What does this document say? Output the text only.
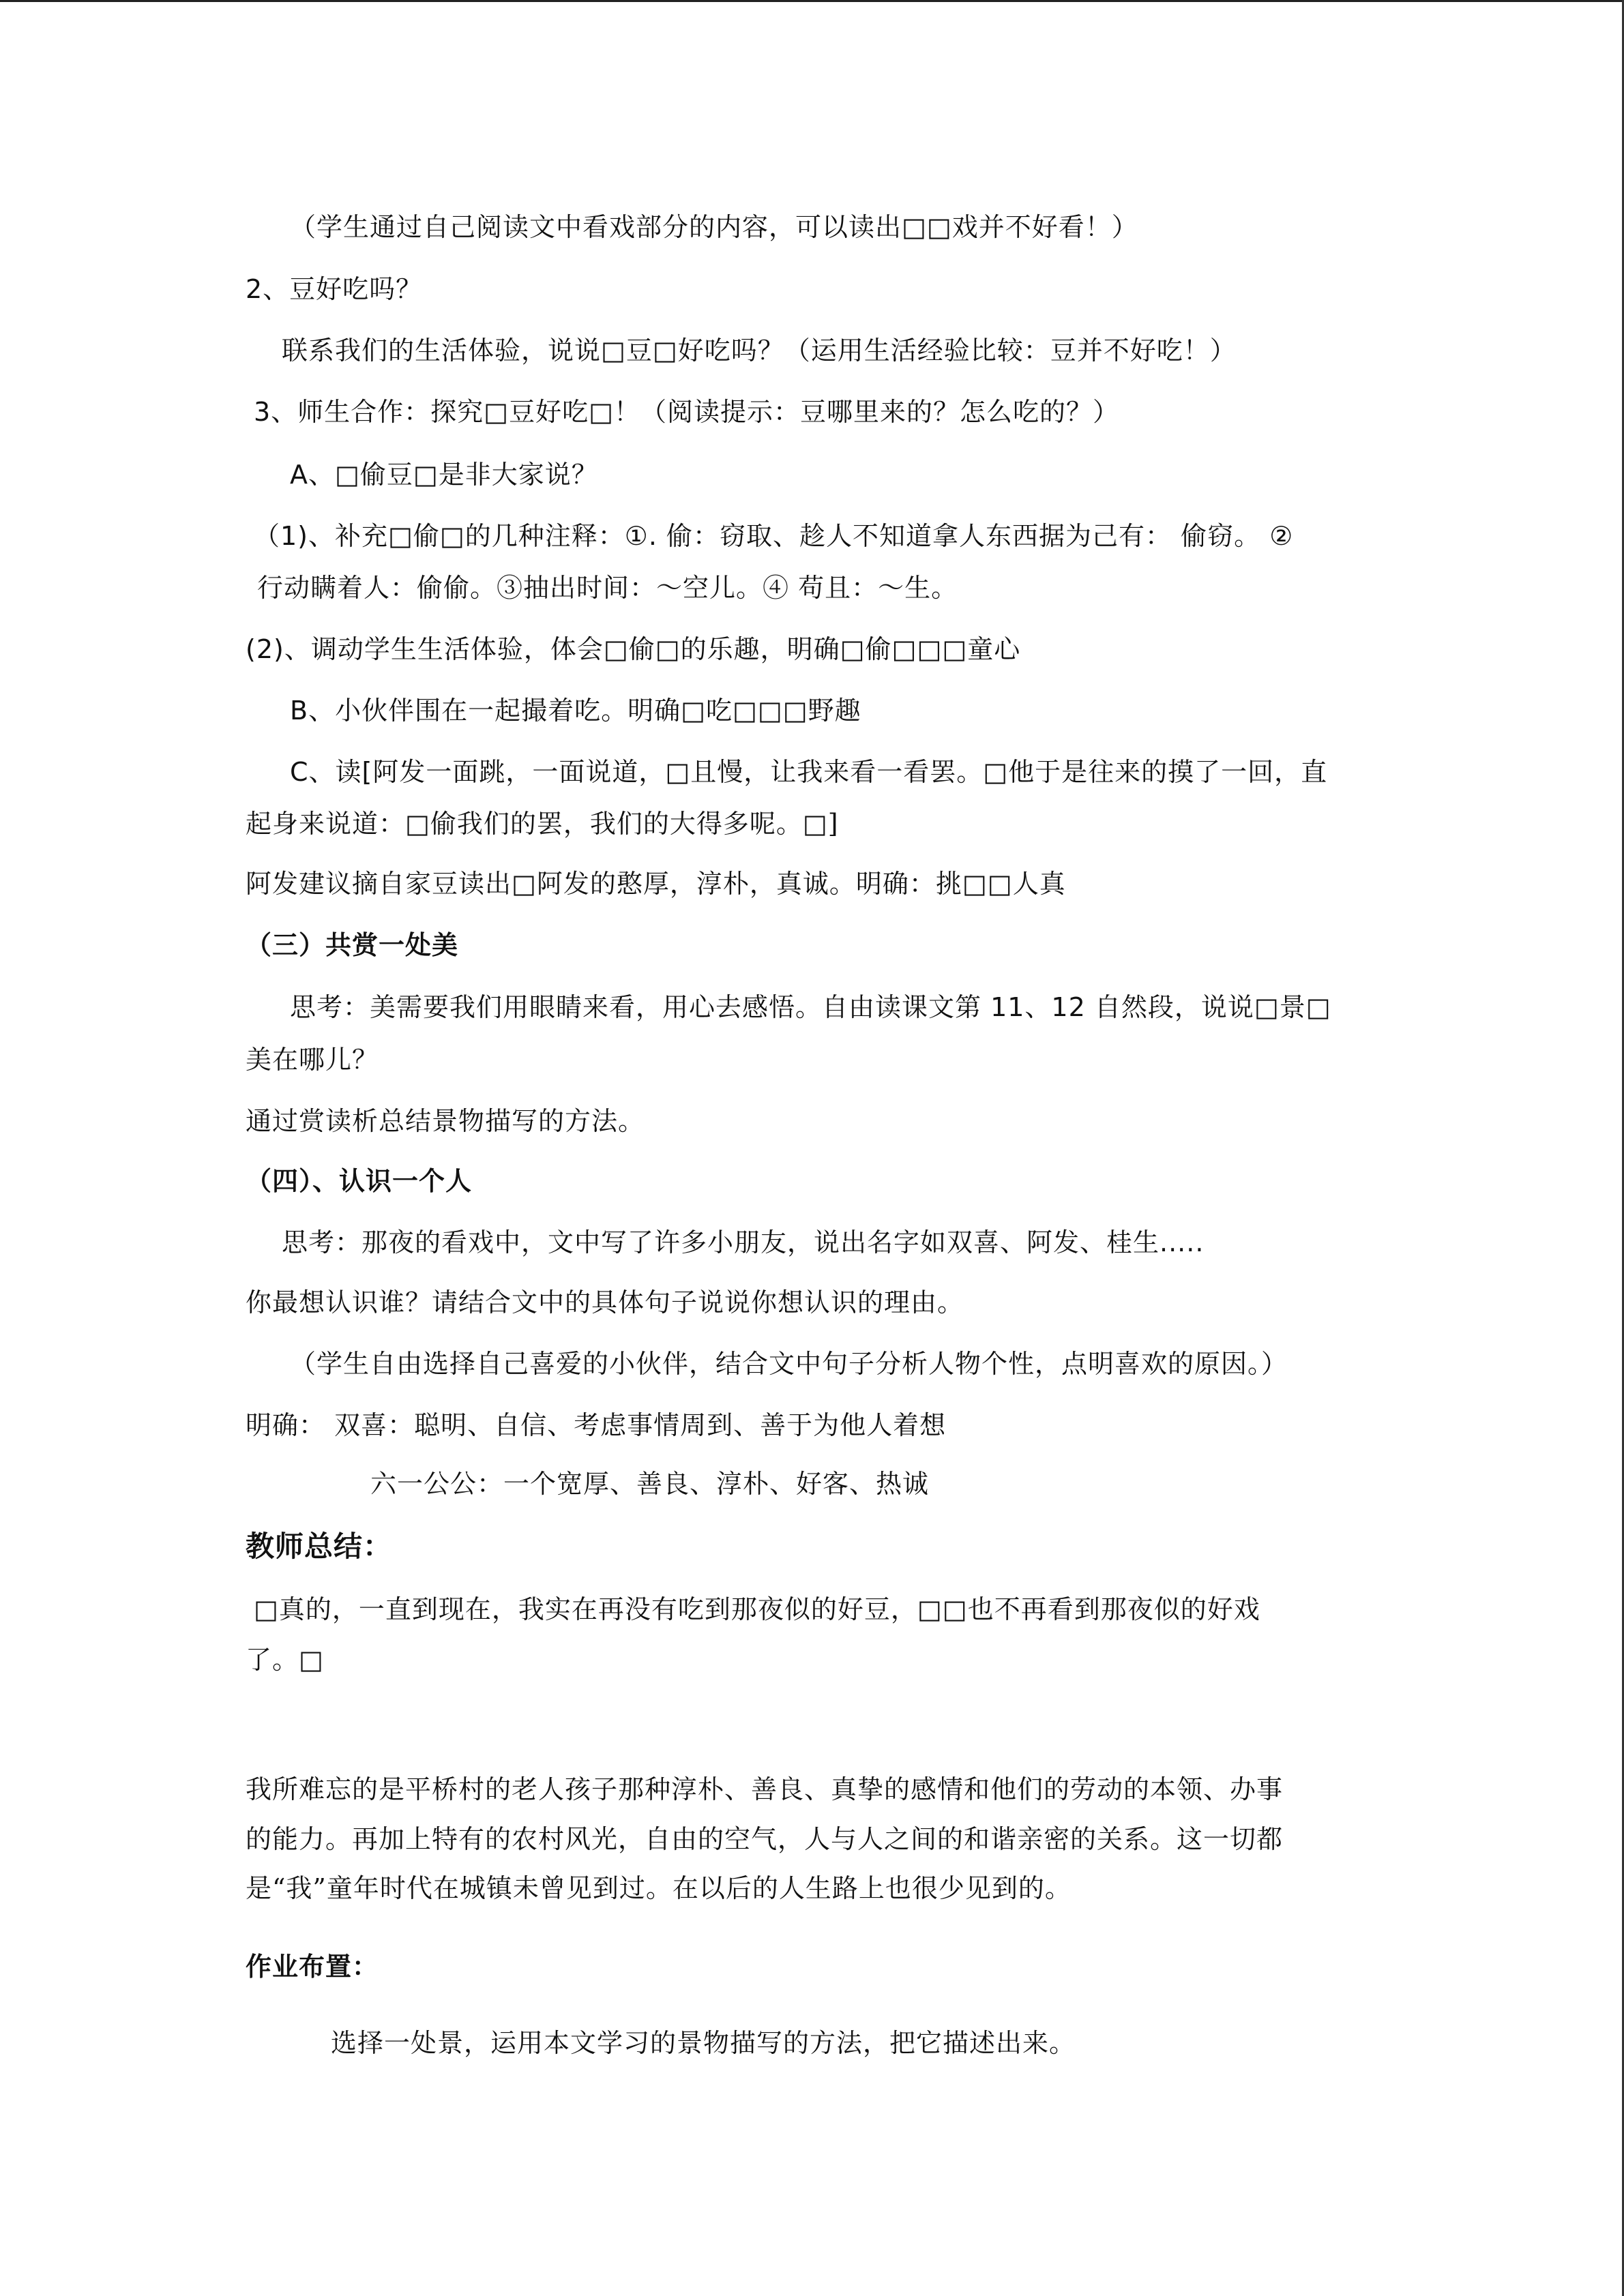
（学生通过自己阅读文中看戏部分的内容，可以读出□□戏并不好看！）
2、豆好吃吗？
联系我们的生活体验，说说□豆□好吃吗？（运用生活经验比较：豆并不好吃！）
3、师生合作：探究□豆好吃□！（阅读提示：豆哪里来的？怎么吃的？）
A、□偷豆□是非大家说？
（1)、补充□偷□的几种注释：①. 偷：窃取、趁人不知道拿人东西据为己有： 偷窃。 ②
行动瞒着人：偷偷。③抽出时间：～空儿。④ 苟且：～生。
(2)、调动学生生活体验，体会□偷□的乐趣，明确□偷□□□童心
B、小伙伴围在一起撮着吃。明确□吃□□□野趣
C、读[阿发一面跳，一面说道，□且慢，让我来看一看罢。□他于是往来的摸了一回，直
起身来说道：□偷我们的罢，我们的大得多呢。□]
阿发建议摘自家豆读出□阿发的憨厚，淳朴，真诚。明确：挑□□人真
（三）共赏一处美
思考：美需要我们用眼睛来看，用心去感悟。自由读课文第 11、12 自然段，说说□景□
美在哪儿？
通过赏读析总结景物描写的方法。
（四）、认识一个人
思考：那夜的看戏中，文中写了许多小朋友，说出名字如双喜、阿发、桂生.....
你最想认识谁？请结合文中的具体句子说说你想认识的理由。
（学生自由选择自己喜爱的小伙伴，结合文中句子分析人物个性，点明喜欢的原因。）
明确： 双喜：聪明、自信、考虑事情周到、善于为他人着想
六一公公：一个宽厚、善良、淳朴、好客、热诚
教师总结：
□真的，一直到现在，我实在再没有吃到那夜似的好豆，□□也不再看到那夜似的好戏
了。□
我所难忘的是平桥村的老人孩子那种淳朴、善良、真挚的感情和他们的劳动的本领、办事
的能力。再加上特有的农村风光，自由的空气，人与人之间的和谐亲密的关系。这一切都
是“我”童年时代在城镇未曾见到过。在以后的人生路上也很少见到的。
作业布置：
选择一处景，运用本文学习的景物描写的方法，把它描述出来。
